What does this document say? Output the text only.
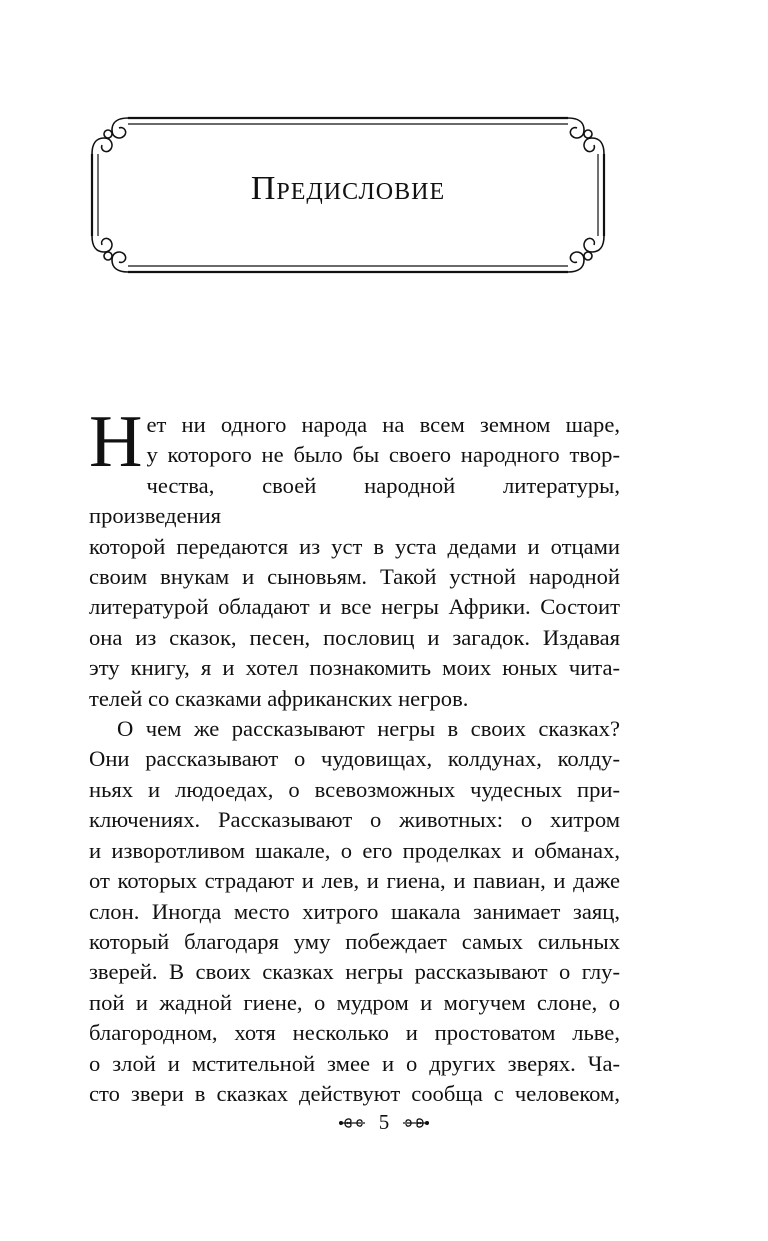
Предисловие

Н ет ни одного народа на всем земном шаре,
у которого не было бы своего народного твор-
чества, своей народной литературы, произведения
которой передаются из уст в уста дедами и отцами
своим внукам и сыновьям. Такой устной народной
литературой обладают и все негры Африки. Состоит
она из сказок, песен, пословиц и загадок. Издавая
эту книгу, я и хотел познакомить моих юных чита-
телей со сказками африканских негров.

О чем же рассказывают негры в своих сказках?
Они рассказывают о чудовищах, колдунах, колду-
ньях и людоедах, о всевозможных чудесных при-
ключениях. Рассказывают о животных: о хитром
и изворотливом шакале, о его проделках и обманах,
от которых страдают и лев, и гиена, и павиан, и даже
слон. Иногда место хитрого шакала занимает заяц,
который благодаря уму побеждает самых сильных
зверей. В своих сказках негры рассказывают о глу-
пой и жадной гиене, о мудром и могучем слоне, о
благородном, хотя несколько и простоватом льве,
о злой и мстительной змее и о других зверях. Ча-
сто звери в сказках действуют сообща с человеком,

5
